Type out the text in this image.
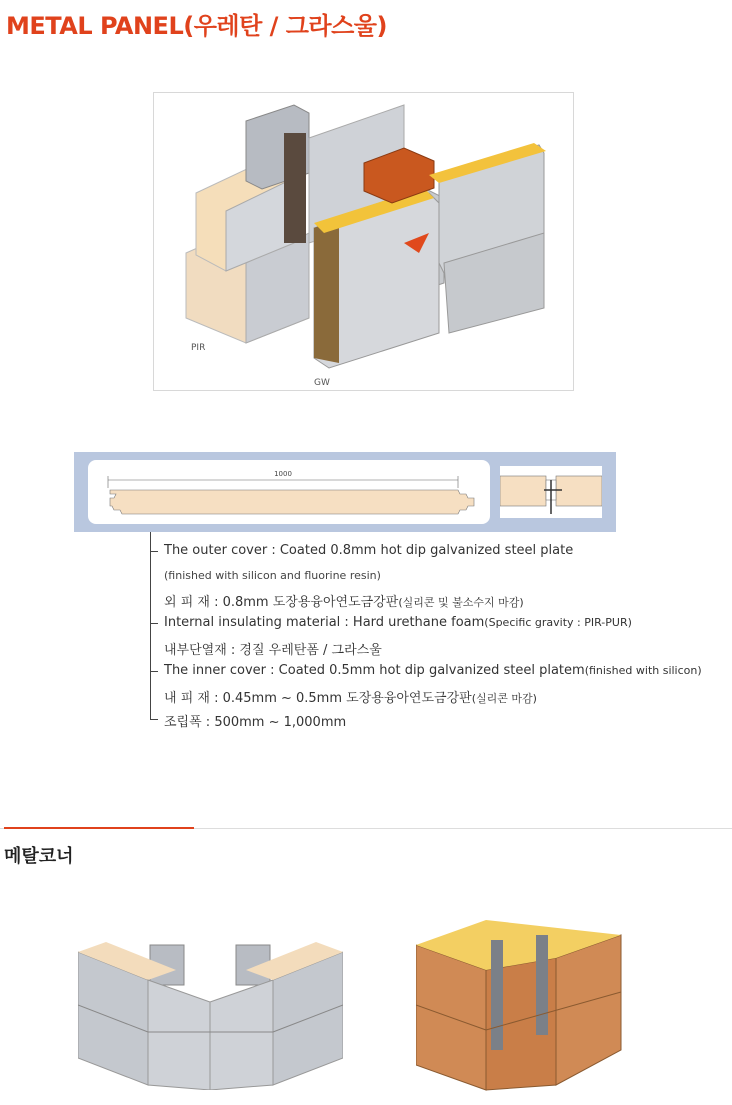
METAL PANEL(우레탄 / 그라스울)
PIR
GW
1000
The outer cover : Coated 0.8mm hot dip galvanized steel plate
(finished with silicon and fluorine resin)
외 피 재 : 0.8mm 도장용융아연도금강판(실리콘 및 불소수지 마감)
Internal insulating material : Hard urethane foam(Specific gravity : PIR-PUR)
내부단열재 : 경질 우레탄폼 / 그라스울
The inner cover : Coated 0.5mm hot dip galvanized steel platem(finished with silicon)
내 피 재 : 0.45mm ~ 0.5mm 도장용융아연도금강판(실리콘 마감)
조립폭 : 500mm ~ 1,000mm
메탈코너
